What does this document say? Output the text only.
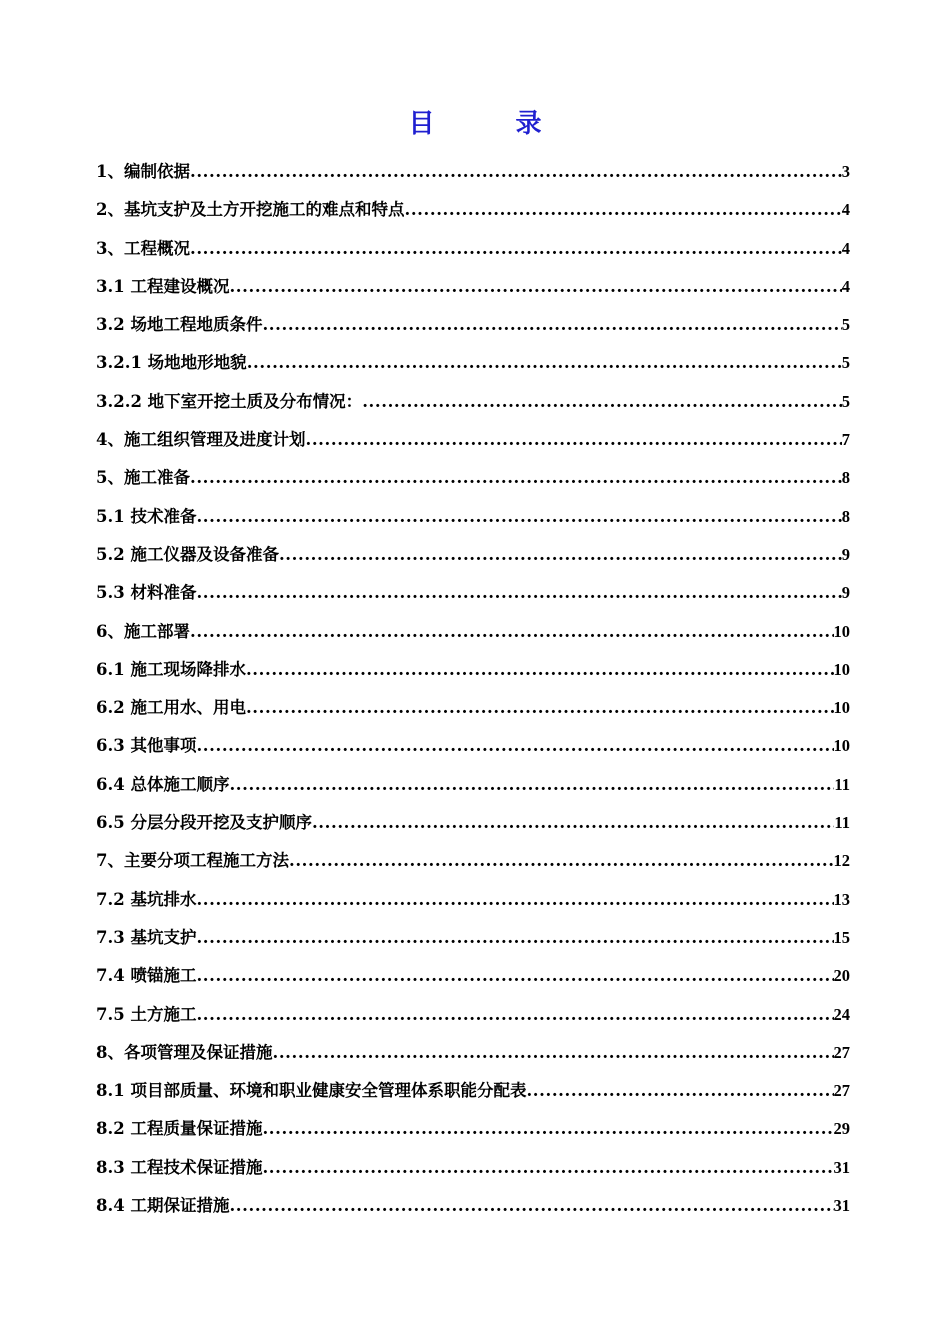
目 录
1、编制依据 .....	3
2、基坑支护及土方开挖施工的难点和特点 .....	4
3、工程概况 .....	4
3.1 工程建设概况 .....	4
3.2 场地工程地质条件 .....	5
3.2.1 场地地形地貌 .....	5
3.2.2 地下室开挖土质及分布情况： .....	5
4、施工组织管理及进度计划 .....	7
5、施工准备 .....	8
5.1 技术准备 .....	8
5.2 施工仪器及设备准备 .....	9
5.3 材料准备 .....	9
6、施工部署 .....	10
6.1 施工现场降排水 .....	10
6.2 施工用水、用电 .....	10
6.3 其他事项 .....	10
6.4 总体施工顺序 .....	11
6.5 分层分段开挖及支护顺序 .....	11
7、主要分项工程施工方法 .....	12
7.2 基坑排水 .....	13
7.3 基坑支护 .....	15
7.4 喷锚施工 .....	20
7.5 土方施工 .....	24
8、各项管理及保证措施 .....	27
8.1 项目部质量、环境和职业健康安全管理体系职能分配表 .....	27
8.2 工程质量保证措施 .....	29
8.3 工程技术保证措施 .....	31
8.4 工期保证措施 .....	31
